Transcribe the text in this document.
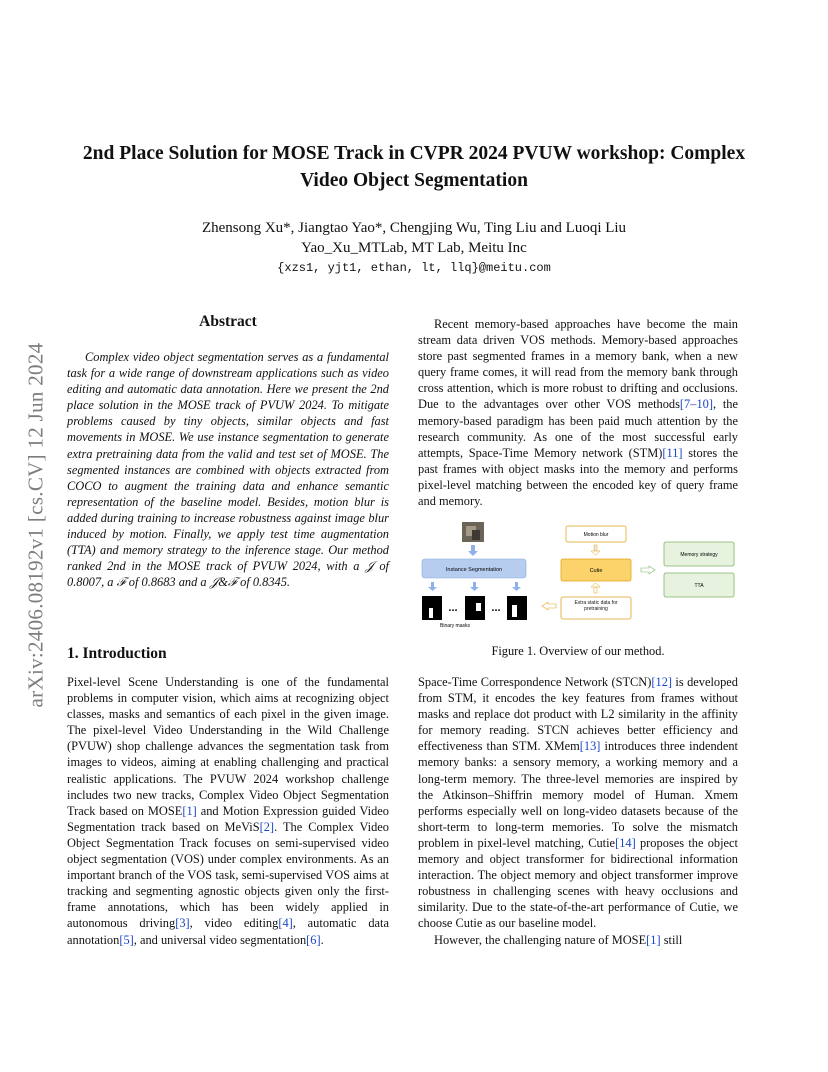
arXiv:2406.08192v1 [cs.CV] 12 Jun 2024
2nd Place Solution for MOSE Track in CVPR 2024 PVUW workshop: Complex Video Object Segmentation
Zhensong Xu*, Jiangtao Yao*, Chengjing Wu, Ting Liu and Luoqi Liu
Yao_Xu_MTLab, MT Lab, Meitu Inc
{xzs1, yjt1, ethan, lt, llq}@meitu.com
Abstract

Complex video object segmentation serves as a fundamental task for a wide range of downstream applications such as video editing and automatic data annotation. Here we present the 2nd place solution in the MOSE track of PVUW 2024. To mitigate problems caused by tiny objects, similar objects and fast movements in MOSE. We use instance segmentation to generate extra pretraining data from the valid and test set of MOSE. The segmented instances are combined with objects extracted from COCO to augment the training data and enhance semantic representation of the baseline model. Besides, motion blur is added during training to increase robustness against image blur induced by motion. Finally, we apply test time augmentation (TTA) and memory strategy to the inference stage. Our method ranked 2nd in the MOSE track of PVUW 2024, with a 𝒥 of 0.8007, a ℱ of 0.8683 and a 𝒥&ℱ of 0.8345.

1. Introduction

Pixel-level Scene Understanding is one of the fundamental problems in computer vision, which aims at recognizing object classes, masks and semantics of each pixel in the given image. The pixel-level Video Understanding in the Wild Challenge (PVUW) shop challenge advances the segmentation task from images to videos, aiming at enabling challenging and practical realistic applications. The PVUW 2024 workshop challenge includes two new tracks, Complex Video Object Segmentation Track based on MOSE[1] and Motion Expression guided Video Segmentation track based on MeViS[2]. The Complex Video Object Segmentation Track focuses on semi-supervised video object segmentation (VOS) under complex environments. As an important branch of the VOS task, semi-supervised VOS aims at tracking and segmenting agnostic objects given only the first-frame annotations, which has been widely applied in autonomous driving[3], video editing[4], automatic data annotation[5], and universal video segmentation[6].

Recent memory-based approaches have become the main stream data driven VOS methods. Memory-based approaches store past segmented frames in a memory bank, when a new query frame comes, it will read from the memory bank through cross attention, which is more robust to drifting and occlusions. Due to the advantages over other VOS methods[7–10], the memory-based paradigm has been paid much attention by the research community. As one of the most successful early attempts, Space-Time Memory network (STM)[11] stores the past frames with object masks into the memory and performs pixel-level matching between the encoded key of query frame and memory.

Instance Segmentation
...	...
Binary masks
Motion blur
Cutie
Extra static data for pretraining
Memory strategy
TTA
Figure 1. Overview of our method.

Space-Time Correspondence Network (STCN)[12] is developed from STM, it encodes the key features from frames without masks and replace dot product with L2 similarity in the affinity for memory reading. STCN achieves better efficiency and effectiveness than STM. XMem[13] introduces three indendent memory banks: a sensory memory, a working memory and a long-term memory. The three-level memories are inspired by the Atkinson–Shiffrin memory model of Human. Xmem performs especially well on long-video datasets because of the short-term to long-term memories. To solve the mismatch problem in pixel-level matching, Cutie[14] proposes the object memory and object transformer for bidirectional information interaction. The object memory and object transformer improve robustness in challenging scenes with heavy occlusions and similarity. Due to the state-of-the-art performance of Cutie, we choose Cutie as our baseline model.

However, the challenging nature of MOSE[1] still
